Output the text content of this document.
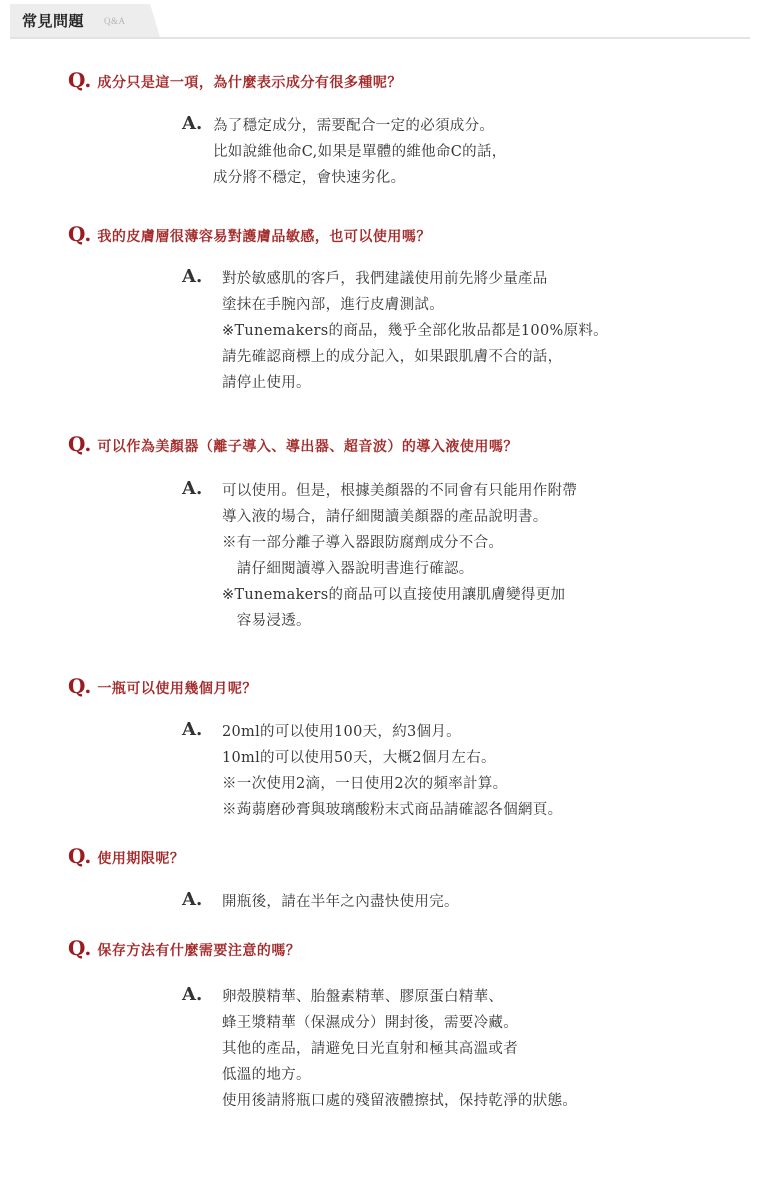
常見問題 Q&A
Q. 成分只是這一項，為什麼表示成分有很多種呢？
A. 為了穩定成分，需要配合一定的必須成分。
比如說維他命C,如果是單體的維他命C的話，
成分將不穩定，會快速劣化。
Q. 我的皮膚層很薄容易對護膚品敏感，也可以使用嗎？
A. 對於敏感肌的客戶，我們建議使用前先將少量產品
塗抹在手腕內部，進行皮膚測試。
※Tunemakers的商品，幾乎全部化妝品都是100%原料。
請先確認商標上的成分記入，如果跟肌膚不合的話，
請停止使用。
Q. 可以作為美顏器（離子導入、導出器、超音波）的導入液使用嗎？
A. 可以使用。但是，根據美顏器的不同會有只能用作附帶
導入液的場合，請仔細閱讀美顏器的產品說明書。
※有一部分離子導入器跟防腐劑成分不合。
　請仔細閱讀導入器說明書進行確認。
※Tunemakers的商品可以直接使用讓肌膚變得更加
　容易浸透。
Q. 一瓶可以使用幾個月呢？
A. 20ml的可以使用100天，約3個月。
10ml的可以使用50天，大概2個月左右。
※一次使用2滴，一日使用2次的頻率計算。
※蒟蒻磨砂膏與玻璃酸粉末式商品請確認各個網頁。
Q. 使用期限呢？
A. 開瓶後，請在半年之內盡快使用完。
Q. 保存方法有什麼需要注意的嗎？
A. 卵殼膜精華、胎盤素精華、膠原蛋白精華、
蜂王漿精華（保濕成分）開封後，需要冷藏。
其他的產品，請避免日光直射和極其高溫或者
低溫的地方。
使用後請將瓶口處的殘留液體擦拭，保持乾淨的狀態。
